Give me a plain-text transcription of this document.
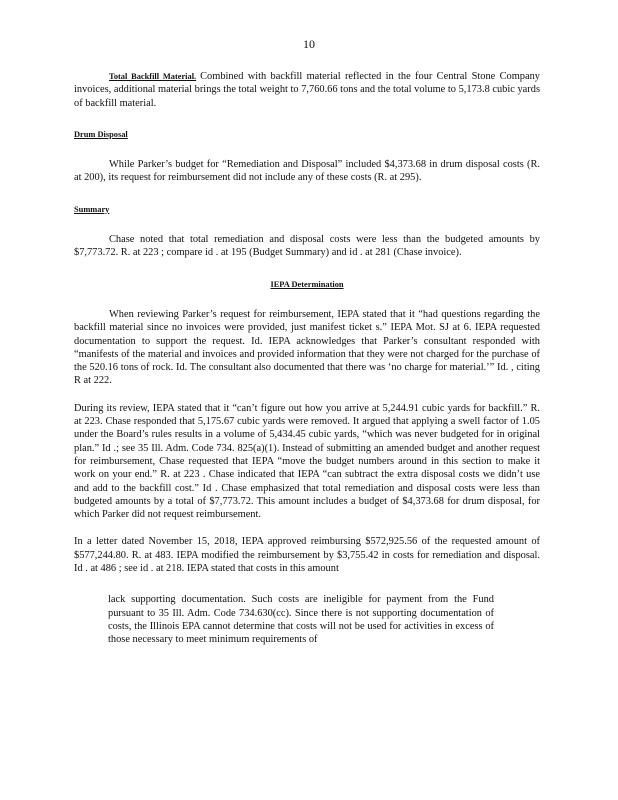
10

Total Backfill Material. Combined with backfill material reflected in the four Central Stone Company invoices, additional material brings the total weight to 7,760.66 tons and the total volume to 5,173.8 cubic yards of backfill material.

Drum Disposal

While Parker’s budget for “Remediation and Disposal” included $4,373.68 in drum disposal costs (R. at 200), its request for reimbursement did not include any of these costs (R. at 295).

Summary

Chase noted that total remediation and disposal costs were less than the budgeted amounts by $7,773.72. R. at 223 ; compare id . at 195 (Budget Summary) and id . at 281 (Chase invoice).

IEPA Determination

When reviewing Parker’s request for reimbursement, IEPA stated that it “had questions regarding the backfill material since no invoices were provided, just manifest ticket s.” IEPA Mot. SJ at 6. IEPA requested documentation to support the request. Id. IEPA acknowledges that Parker’s consultant responded with “manifests of the material and invoices and provided information that they were not charged for the purchase of the 520.16 tons of rock. Id. The consultant also documented that there was ‘no charge for material.’” Id. , citing R at 222.

During its review, IEPA stated that it “can’t figure out how you arrive at 5,244.91 cubic yards for backfill.” R. at 223. Chase responded that 5,175.67 cubic yards were removed. It argued that applying a swell factor of 1.05 under the Board’s rules results in a volume of 5,434.45 cubic yards, “which was never budgeted for in original plan.” Id .; see 35 Ill. Adm. Code 734. 825(a)(1). Instead of submitting an amended budget and another request for reimbursement, Chase requested that IEPA “move the budget numbers around in this section to make it work on your end.” R. at 223 . Chase indicated that IEPA “can subtract the extra disposal costs we didn’t use and add to the backfill cost.” Id . Chase emphasized that total remediation and disposal costs were less than budgeted amounts by a total of $7,773.72. This amount includes a budget of $4,373.68 for drum disposal, for which Parker did not request reimbursement.

In a letter dated November 15, 2018, IEPA approved reimbursing $572,925.56 of the requested amount of $577,244.80. R. at 483. IEPA modified the reimbursement by $3,755.42 in costs for remediation and disposal. Id . at 486 ; see id . at 218. IEPA stated that costs in this amount

lack supporting documentation. Such costs are ineligible for payment from the Fund pursuant to 35 Ill. Adm. Code 734.630(cc). Since there is not supporting documentation of costs, the Illinois EPA cannot determine that costs will not be used for activities in excess of those necessary to meet minimum requirements of
